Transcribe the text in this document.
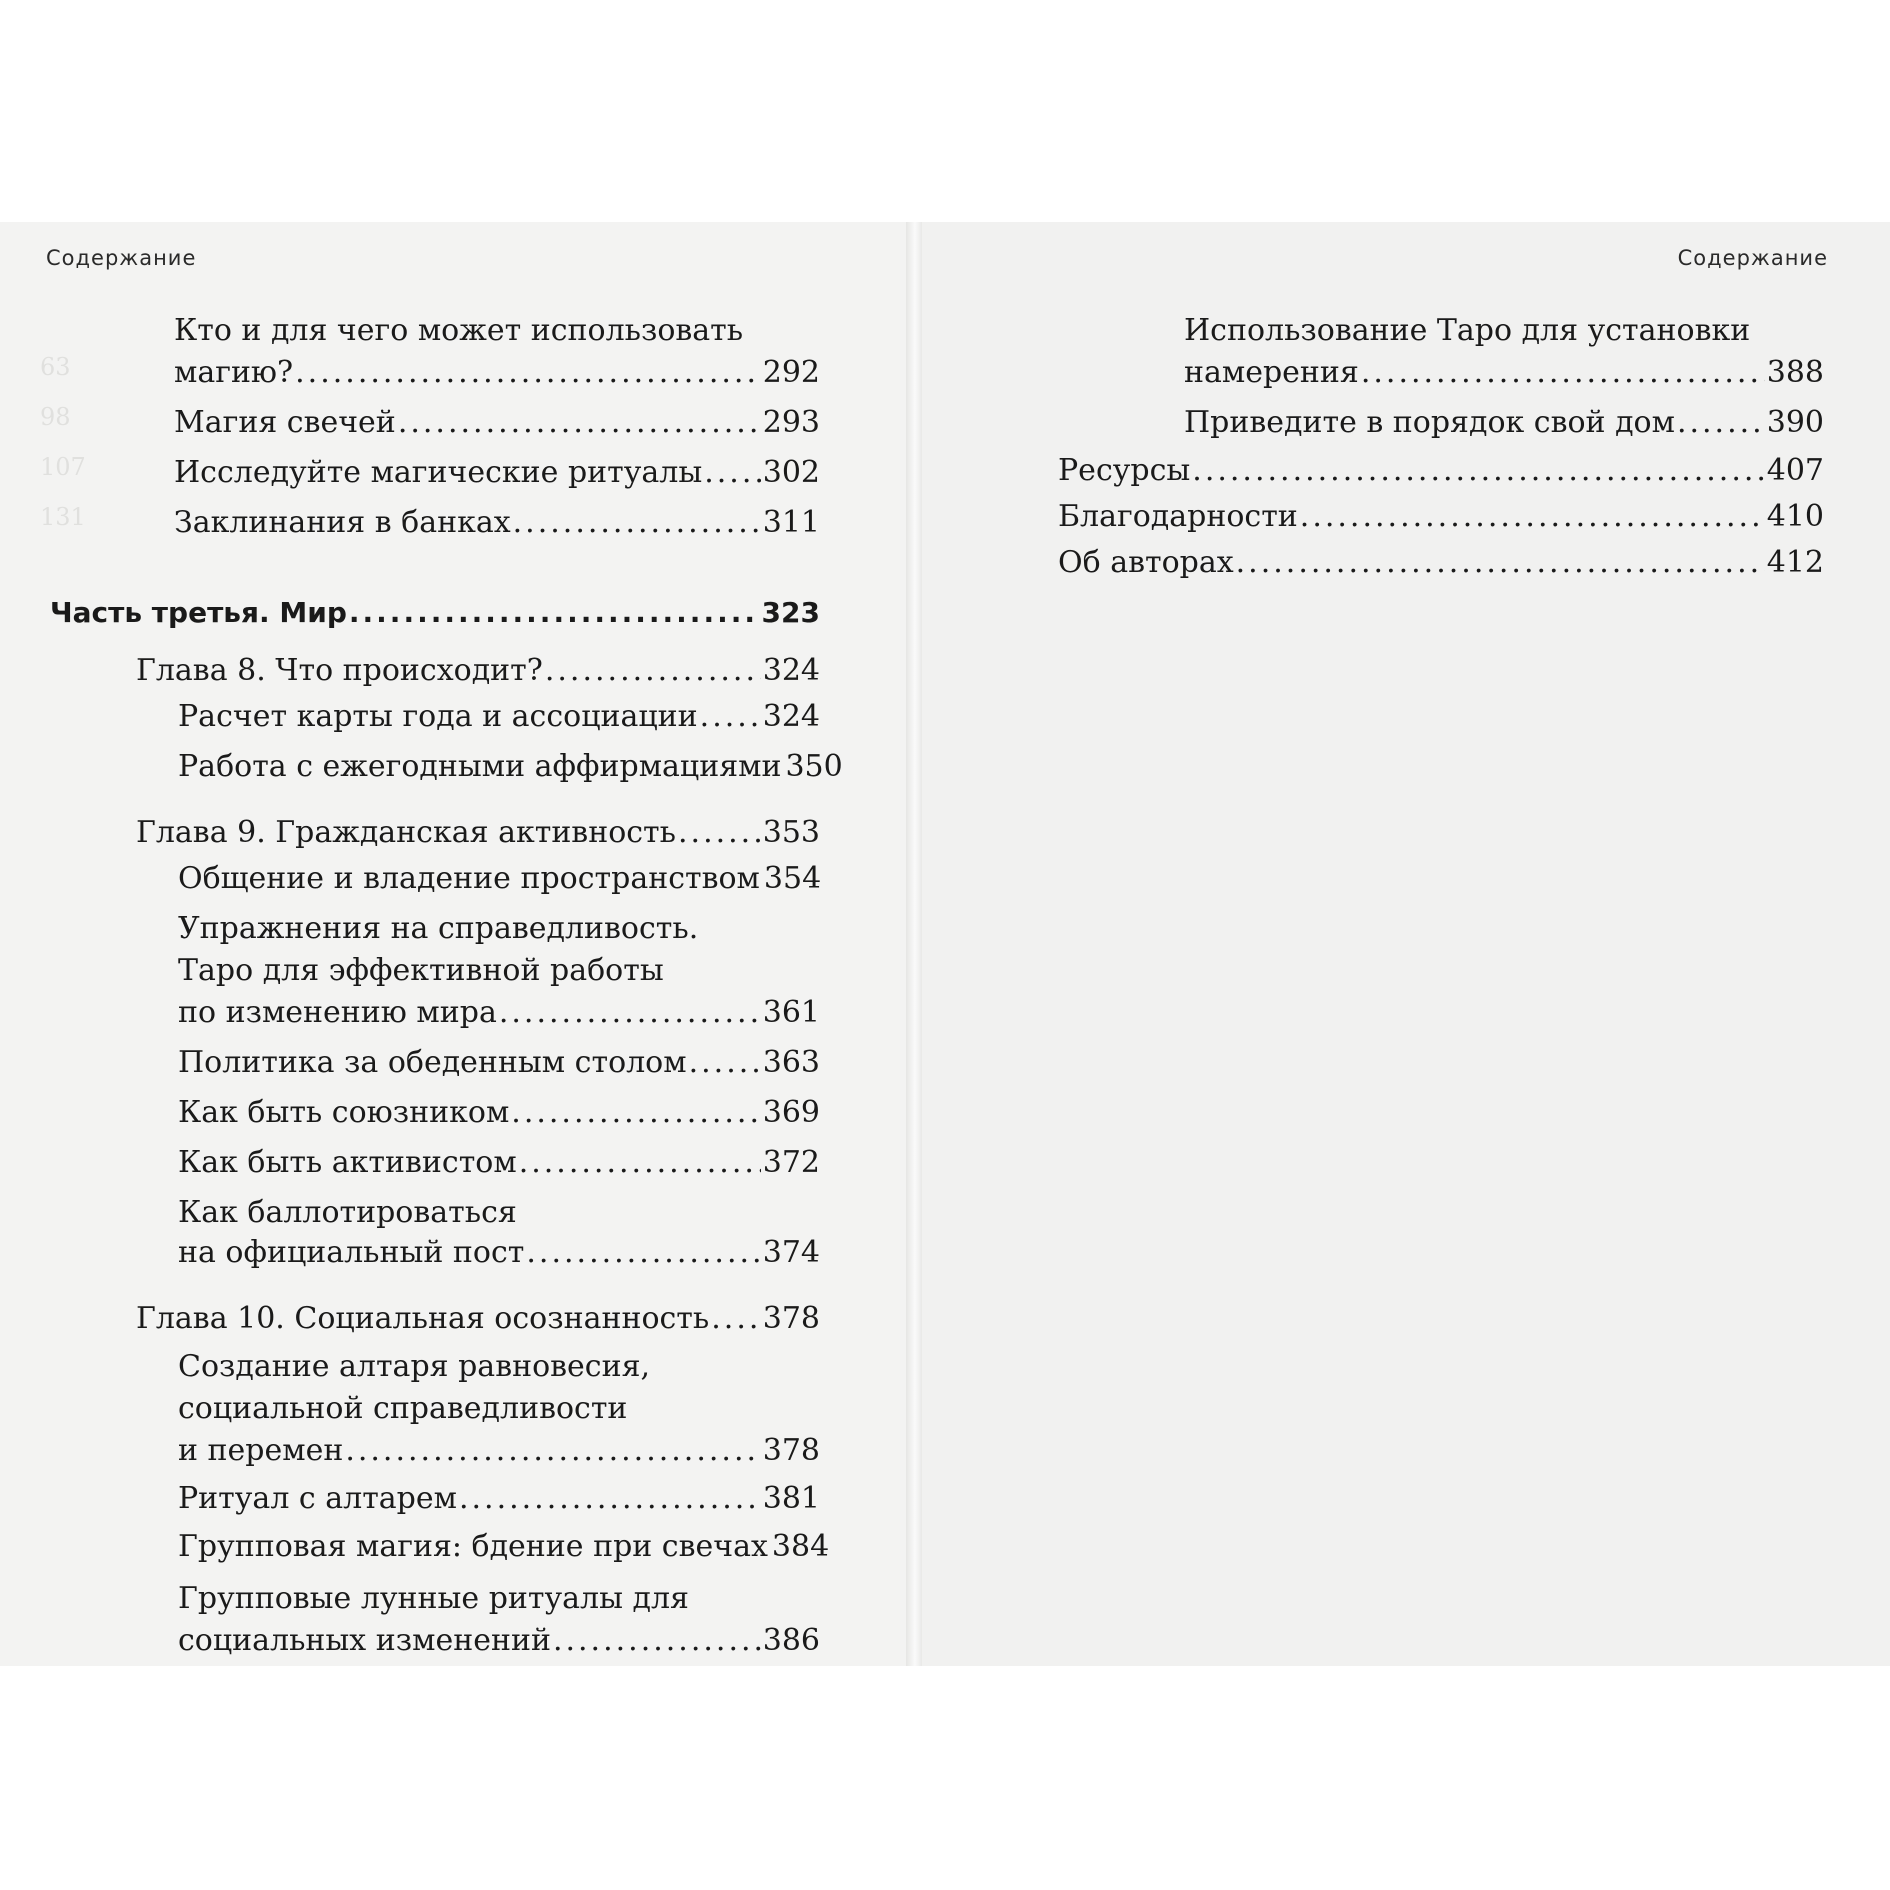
63
98
107
131
Содержание
Кто и для чего может использовать
магию? .....	292
Магия свечей .....	293
Исследуйте магические ритуалы ..... 302
Заклинания в банках .....	311
Часть третья. Мир .....	323
Глава 8. Что происходит? .....	324
Расчет карты года и ассоциации ..... 324
Работа с ежегодными аффирмациями 350
Глава 9. Гражданская активность .....	353
Общение и владение пространством 354
Упражнения на справедливость.
Таро для эффективной работы
по изменению мира .....	361
Политика за обеденным столом .....	363
Как быть союзником .....	369
Как быть активистом .....	372
Как баллотироваться
на официальный пост .....	374
Глава 10. Социальная осознанность ..... 378
Создание алтаря равновесия,
социальной справедливости
и перемен .....	378
Ритуал с алтарем .....	381
Групповая магия: бдение при свечах 384
Групповые лунные ритуалы для
социальных изменений .....	386
Содержание
Использование Таро для установки
намерения .....	388
Приведите в порядок свой дом .....	390
Ресурсы .....	407
Благодарности .....	410
Об авторах .....	412
